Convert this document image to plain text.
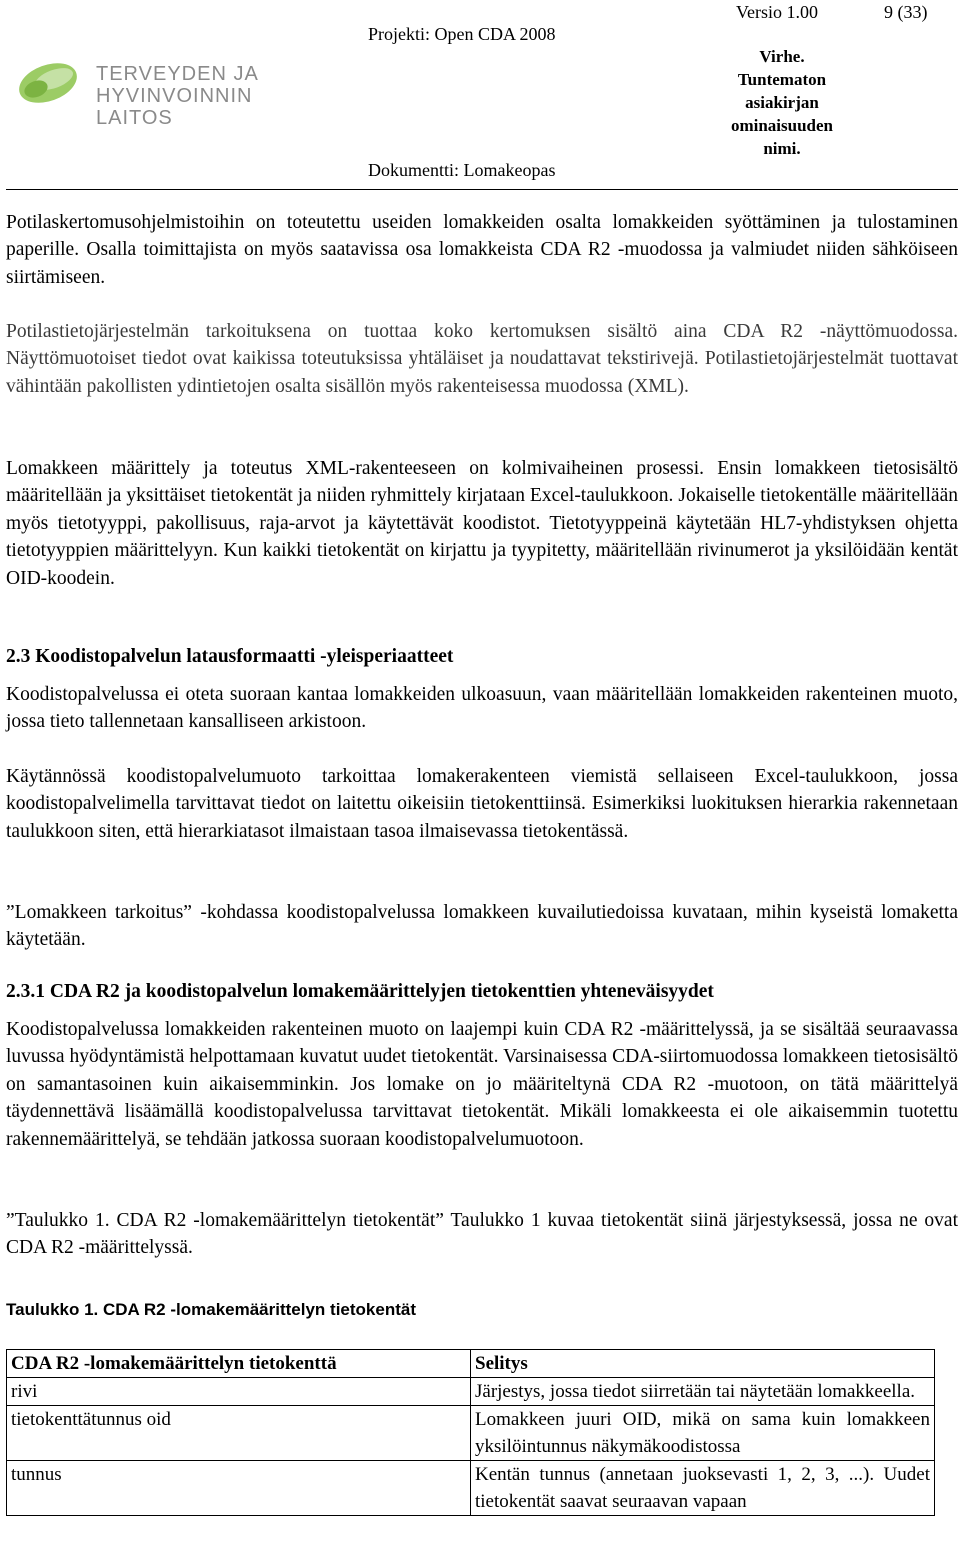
TERVEYDEN JA
HYVINVOINNIN LAITOS
Projekti: Open CDA 2008
Dokumentti: Lomakeopas
Versio 1.00	9 (33)
Virhe.
Tuntematon
asiakirjan
ominaisuuden
nimi.

Potilaskertomusohjelmistoihin on toteutettu useiden lomakkeiden osalta lomakkeiden syöttäminen ja tulostaminen paperille. Osalla toimittajista on myös saatavissa osa lomakkeista CDA R2 -muodossa ja valmiudet niiden sähköiseen siirtämiseen.

Potilastietojärjestelmän tarkoituksena on tuottaa koko kertomuksen sisältö aina CDA R2 -näyttömuodossa. Näyttömuotoiset tiedot ovat kaikissa toteutuksissa yhtäläiset ja noudattavat tekstirivejä. Potilastietojärjestelmät tuottavat vähintään pakollisten ydintietojen osalta sisällön myös rakenteisessa muodossa (XML).

Lomakkeen määrittely ja toteutus XML-rakenteeseen on kolmivaiheinen prosessi. Ensin lomakkeen tietosisältö määritellään ja yksittäiset tietokentät ja niiden ryhmittely kirjataan Excel-taulukkoon. Jokaiselle tietokentälle määritellään myös tietotyyppi, pakollisuus, raja-arvot ja käytettävät koodistot. Tietotyyppeinä käytetään HL7-yhdistyksen ohjetta tietotyyppien määrittelyyn. Kun kaikki tietokentät on kirjattu ja tyypitetty, määritellään rivinumerot ja yksilöidään kentät OID-koodein.

2.3 Koodistopalvelun latausformaatti -yleisperiaatteet

Koodistopalvelussa ei oteta suoraan kantaa lomakkeiden ulkoasuun, vaan määritellään lomakkeiden rakenteinen muoto, jossa tieto tallennetaan kansalliseen arkistoon.

Käytännössä koodistopalvelumuoto tarkoittaa lomakerakenteen viemistä sellaiseen Excel-taulukkoon, jossa koodistopalvelimella tarvittavat tiedot on laitettu oikeisiin tietokenttiinsä. Esimerkiksi luokituksen hierarkia rakennetaan taulukkoon siten, että hierarkiatasot ilmaistaan tasoa ilmaisevassa tietokentässä.

”Lomakkeen tarkoitus” -kohdassa koodistopalvelussa lomakkeen kuvailutiedoissa kuvataan, mihin kyseistä lomaketta käytetään.

2.3.1 CDA R2 ja koodistopalvelun lomakemäärittelyjen tietokenttien yhteneväisyydet

Koodistopalvelussa lomakkeiden rakenteinen muoto on laajempi kuin CDA R2 -määrittelyssä, ja se sisältää seuraavassa luvussa hyödyntämistä helpottamaan kuvatut uudet tietokentät. Varsinaisessa CDA-siirtomuodossa lomakkeen tietosisältö on samantasoinen kuin aikaisemminkin. Jos lomake on jo määriteltynä CDA R2 -muotoon, on tätä määrittelyä täydennettävä lisäämällä koodistopalvelussa tarvittavat tietokentät. Mikäli lomakkeesta ei ole aikaisemmin tuotettu rakennemäärittelyä, se tehdään jatkossa suoraan koodistopalvelumuotoon.

”Taulukko 1. CDA R2 -lomakemäärittelyn tietokentät” Taulukko 1 kuvaa tietokentät siinä järjestyksessä, jossa ne ovat CDA R2 -määrittelyssä.

Taulukko 1. CDA R2 -lomakemäärittelyn tietokentät
CDA R2 -lomakemäärittelyn tietokenttä	Selitys
rivi	Järjestys, jossa tiedot siirretään tai näytetään lomakkeella.
tietokenttätunnus oid	Lomakkeen juuri OID, mikä on sama kuin lomakkeen yksilöintunnus näkymäkoodistossa
tunnus	Kentän tunnus (annetaan juoksevasti 1, 2, 3, ...). Uudet tietokentät saavat seuraavan vapaan
